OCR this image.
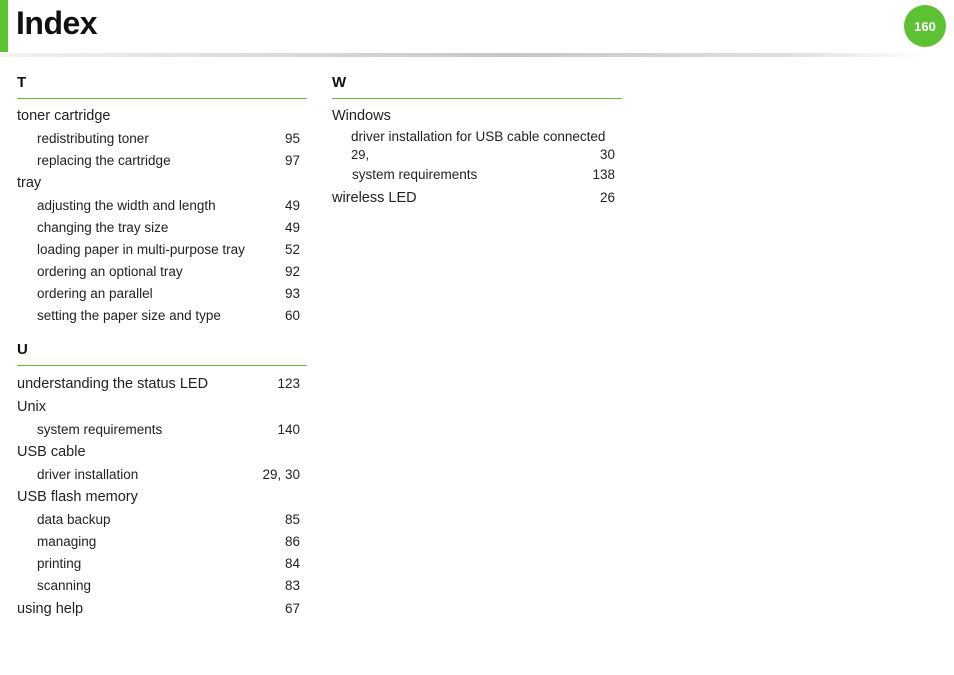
Index	160
T
toner cartridge
redistributing toner	95
replacing the cartridge	97
tray
adjusting the width and length	49
changing the tray size	49
loading paper in multi-purpose tray	52
ordering an optional tray	92
ordering an parallel	93
setting the paper size and type	60
U
understanding the status LED	123
Unix
system requirements	140
USB cable
driver installation	29, 30
USB flash memory
data backup	85
managing	86
printing	84
scanning	83
using help	67
W
Windows
driver installation for USB cable connected
29,	30
system requirements	138
wireless LED	26
